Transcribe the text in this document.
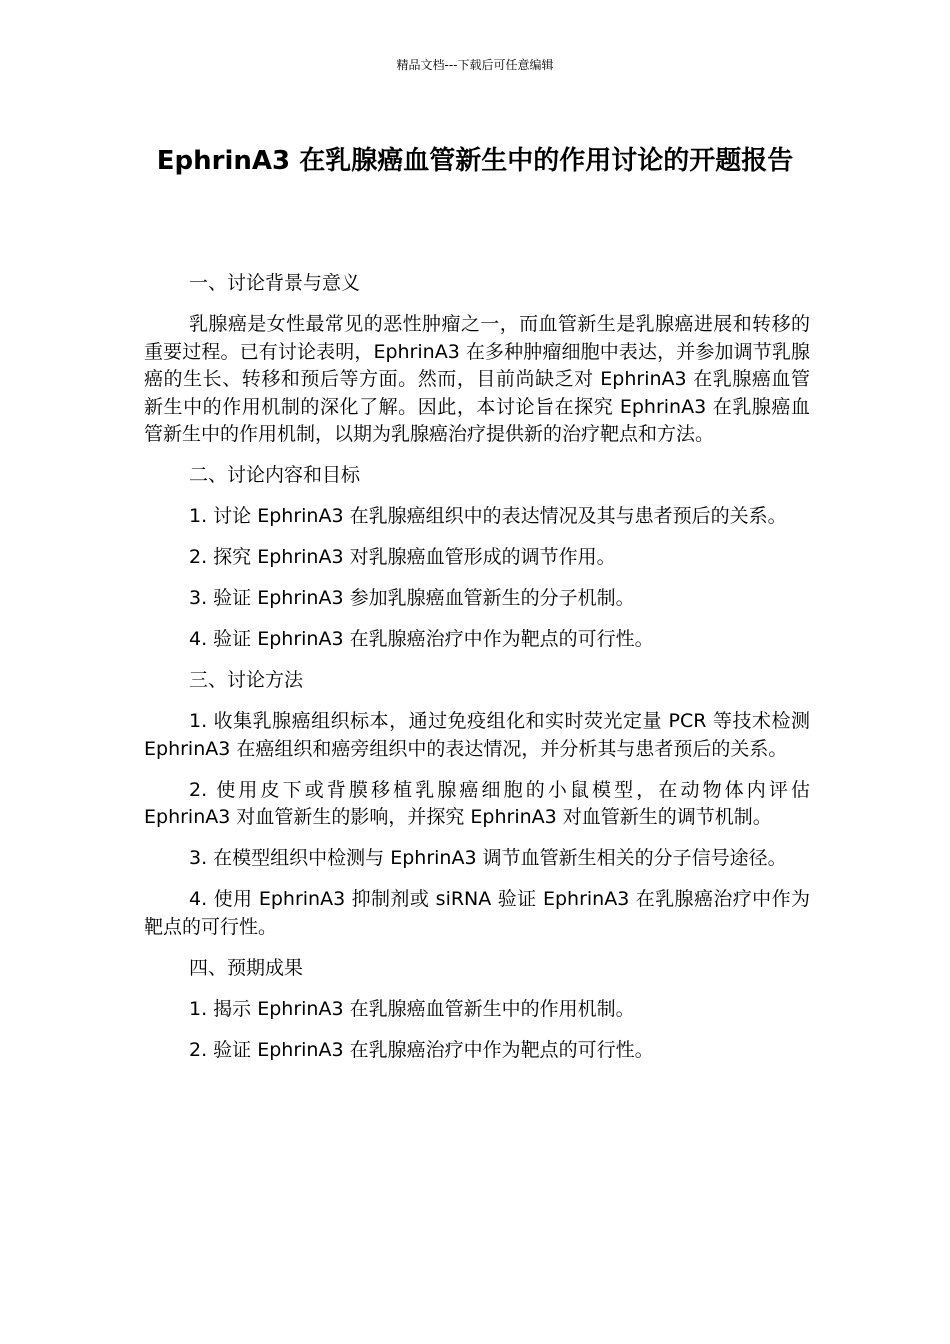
精品文档---下载后可任意编辑
EphrinA3 在乳腺癌血管新生中的作用讨论的开题报告

一、讨论背景与意义

乳腺癌是女性最常见的恶性肿瘤之一，而血管新生是乳腺癌进展和转移的重要过程。已有讨论表明，EphrinA3 在多种肿瘤细胞中表达，并参加调节乳腺癌的生长、转移和预后等方面。然而，目前尚缺乏对 EphrinA3 在乳腺癌血管新生中的作用机制的深化了解。因此，本讨论旨在探究 EphrinA3 在乳腺癌血管新生中的作用机制，以期为乳腺癌治疗提供新的治疗靶点和方法。

二、讨论内容和目标

1. 讨论 EphrinA3 在乳腺癌组织中的表达情况及其与患者预后的关系。

2. 探究 EphrinA3 对乳腺癌血管形成的调节作用。

3. 验证 EphrinA3 参加乳腺癌血管新生的分子机制。

4. 验证 EphrinA3 在乳腺癌治疗中作为靶点的可行性。

三、讨论方法

1. 收集乳腺癌组织标本，通过免疫组化和实时荧光定量 PCR 等技术检测 EphrinA3 在癌组织和癌旁组织中的表达情况，并分析其与患者预后的关系。

2. 使用皮下或背膜移植乳腺癌细胞的小鼠模型，在动物体内评估 EphrinA3 对血管新生的影响，并探究 EphrinA3 对血管新生的调节机制。

3. 在模型组织中检测与 EphrinA3 调节血管新生相关的分子信号途径。

4. 使用 EphrinA3 抑制剂或 siRNA 验证 EphrinA3 在乳腺癌治疗中作为靶点的可行性。

四、预期成果

1. 揭示 EphrinA3 在乳腺癌血管新生中的作用机制。

2. 验证 EphrinA3 在乳腺癌治疗中作为靶点的可行性。
